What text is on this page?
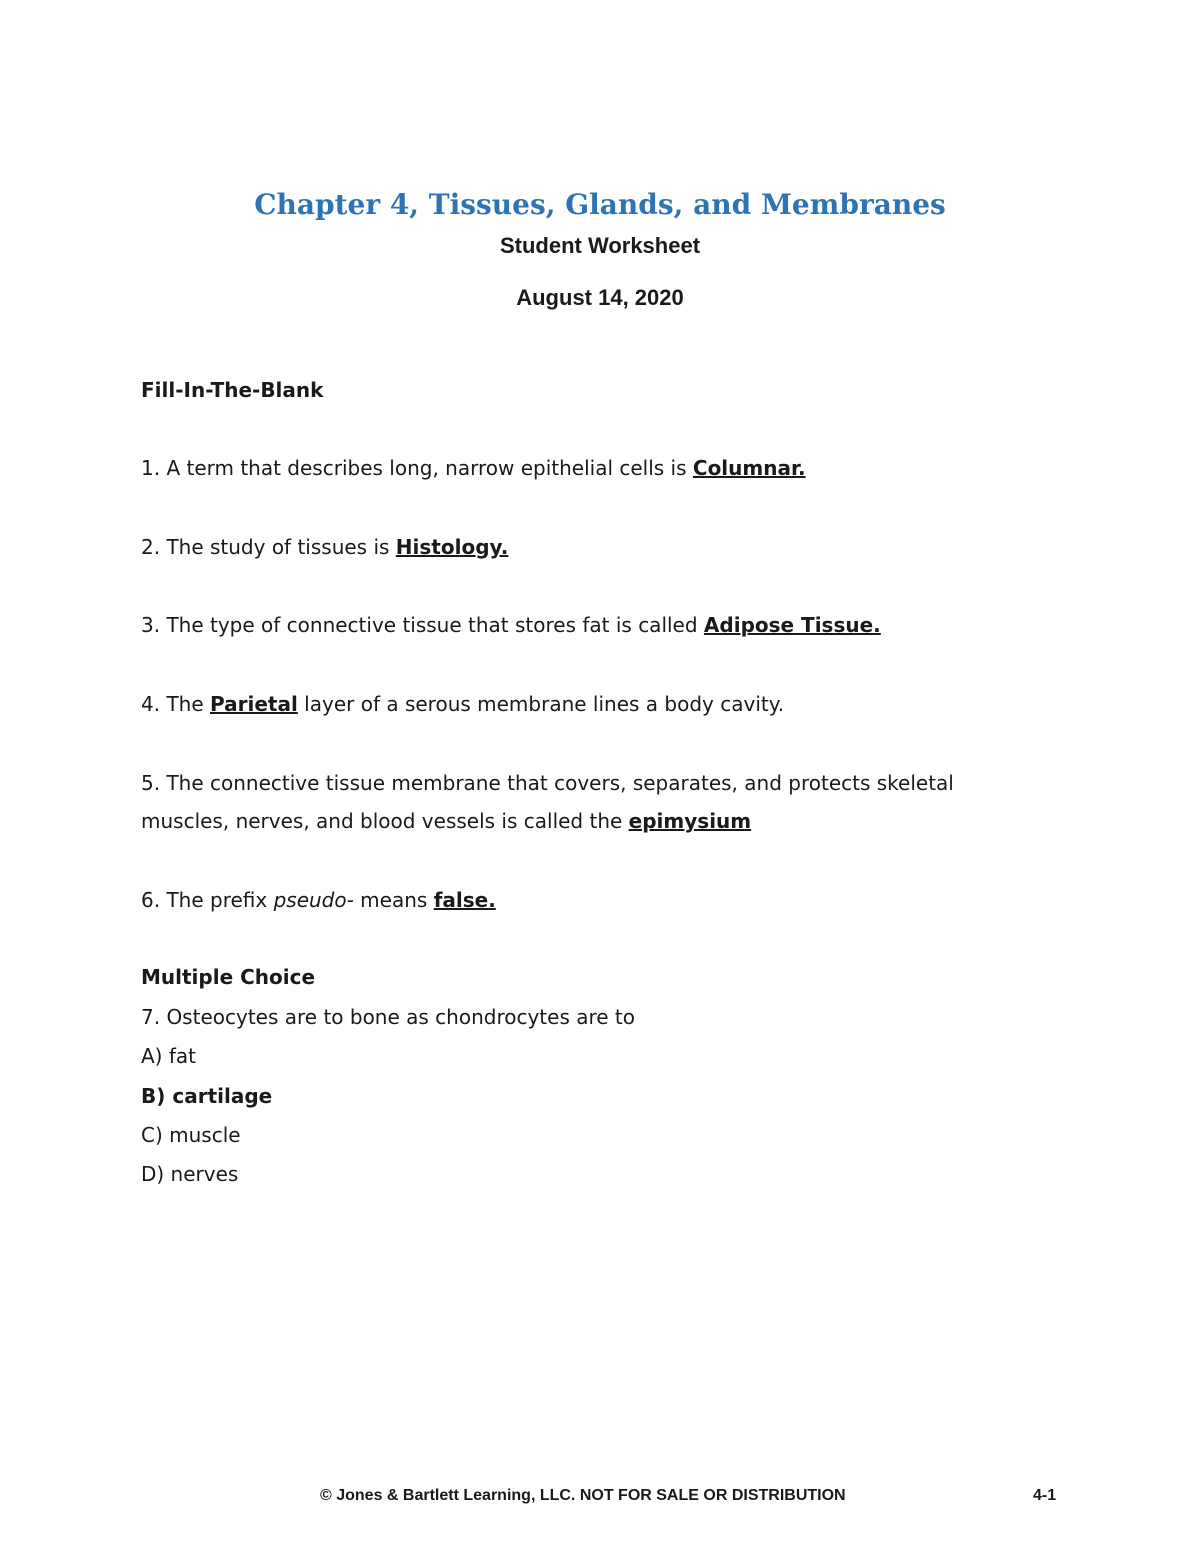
Chapter 4, Tissues, Glands, and Membranes
Student Worksheet
August 14, 2020
Fill-In-The-Blank
1. A term that describes long, narrow epithelial cells is Columnar.
2. The study of tissues is Histology.
3. The type of connective tissue that stores fat is called Adipose Tissue.
4. The Parietal layer of a serous membrane lines a body cavity.
5. The connective tissue membrane that covers, separates, and protects skeletal
muscles, nerves, and blood vessels is called the epimysium
6. The prefix pseudo- means false.
Multiple Choice
7. Osteocytes are to bone as chondrocytes are to
A) fat
B) cartilage
C) muscle
D) nerves
© Jones & Bartlett Learning, LLC. NOT FOR SALE OR DISTRIBUTION	4-1
